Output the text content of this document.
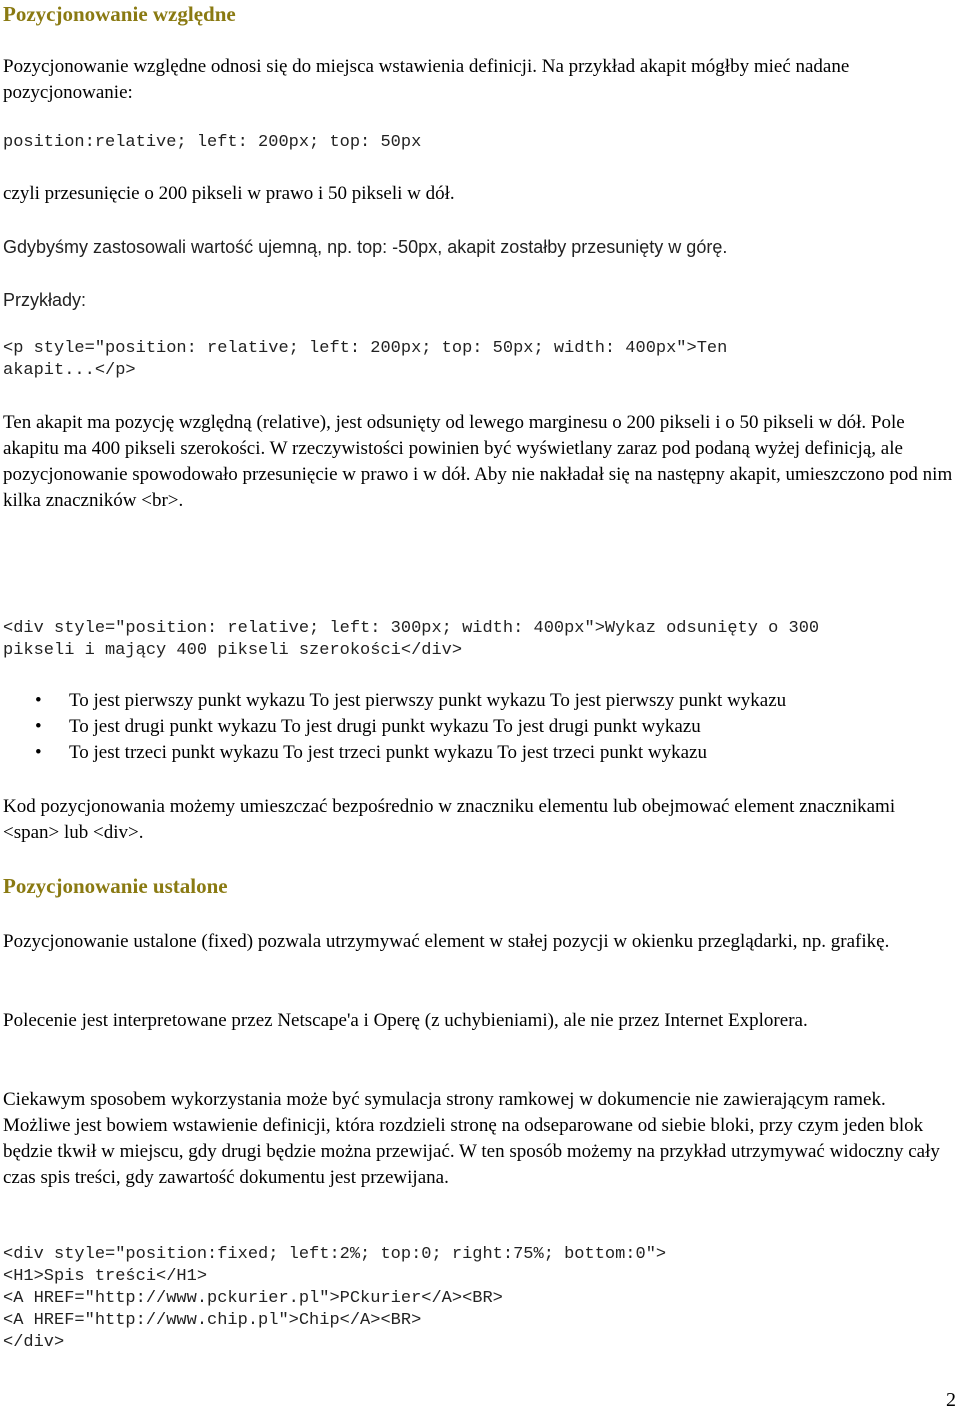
Pozycjonowanie względne
Pozycjonowanie względne odnosi się do miejsca wstawienia definicji. Na przykład akapit mógłby mieć nadane pozycjonowanie:
position:relative; left: 200px; top: 50px
czyli przesunięcie o 200 pikseli w prawo i 50 pikseli w dół.
Gdybyśmy zastosowali wartość ujemną, np. top: -50px, akapit zostałby przesunięty w górę.
Przykłady:
<p style="position: relative; left: 200px; top: 50px; width: 400px">Ten
akapit...</p>
Ten akapit ma pozycję względną (relative), jest odsunięty od lewego marginesu o 200 pikseli i o 50 pikseli w dół. Pole akapitu ma 400 pikseli szerokości. W rzeczywistości powinien być wyświetlany zaraz pod podaną wyżej definicją, ale pozycjonowanie spowodowało przesunięcie w prawo i w dół. Aby nie nakładał się na następny akapit, umieszczono pod nim kilka znaczników <br>.
<div style="position: relative; left: 300px; width: 400px">Wykaz odsunięty o 300
pikseli i mający 400 pikseli szerokości</div>
• To jest pierwszy punkt wykazu To jest pierwszy punkt wykazu To jest pierwszy punkt wykazu
• To jest drugi punkt wykazu To jest drugi punkt wykazu To jest drugi punkt wykazu
• To jest trzeci punkt wykazu To jest trzeci punkt wykazu To jest trzeci punkt wykazu
Kod pozycjonowania możemy umieszczać bezpośrednio w znaczniku elementu lub obejmować element znacznikami <span> lub <div>.
Pozycjonowanie ustalone
Pozycjonowanie ustalone (fixed) pozwala utrzymywać element w stałej pozycji w okienku przeglądarki, np. grafikę.
Polecenie jest interpretowane przez Netscape'a i Operę (z uchybieniami), ale nie przez Internet Explorera.
Ciekawym sposobem wykorzystania może być symulacja strony ramkowej w dokumencie nie zawierającym ramek. Możliwe jest bowiem wstawienie definicji, która rozdzieli stronę na odseparowane od siebie bloki, przy czym jeden blok będzie tkwił w miejscu, gdy drugi będzie można przewijać. W ten sposób możemy na przykład utrzymywać widoczny cały czas spis treści, gdy zawartość dokumentu jest przewijana.
<div style="position:fixed; left:2%; top:0; right:75%; bottom:0">
<H1>Spis treści</H1>
<A HREF="http://www.pckurier.pl">PCkurier</A><BR>
<A HREF="http://www.chip.pl">Chip</A><BR>
</div>
2
